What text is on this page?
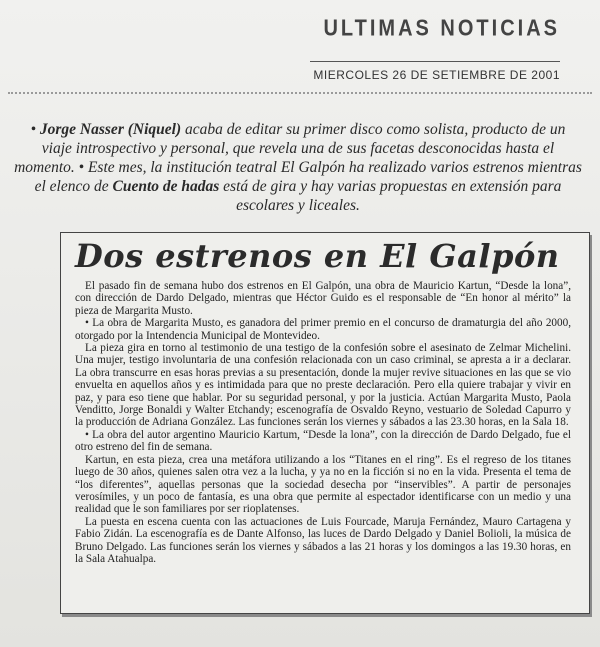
ULTIMAS NOTICIAS
MIERCOLES 26 DE SETIEMBRE DE 2001
• Jorge Nasser (Niquel) acaba de editar su primer disco como solista, producto de un viaje introspectivo y personal, que revela una de sus facetas desconocidas hasta el momento. • Este mes, la institución teatral El Galpón ha realizado varios estrenos mientras el elenco de Cuento de hadas está de gira y hay varias propuestas en extensión para escolares y liceales.
Dos estrenos en El Galpón

El pasado fin de semana hubo dos estrenos en El Galpón, una obra de Mauricio Kartun, “Desde la lona”, con dirección de Dardo Delgado, mientras que Héctor Guido es el responsable de “En honor al mérito” la pieza de Margarita Musto.

• La obra de Margarita Musto, es ganadora del primer premio en el concurso de dramaturgia del año 2000, otorgado por la Intendencia Municipal de Montevideo.

La pieza gira en torno al testimonio de una testigo de la confesión sobre el asesinato de Zelmar Michelini. Una mujer, testigo involuntaria de una confesión relacionada con un caso criminal, se apresta a ir a declarar. La obra transcurre en esas horas previas a su presentación, donde la mujer revive situaciones en las que se vio envuelta en aquellos años y es intimidada para que no preste declaración. Pero ella quiere trabajar y vivir en paz, y para eso tiene que hablar. Por su seguridad personal, y por la justicia. Actúan Margarita Musto, Paola Venditto, Jorge Bonaldi y Walter Etchandy; escenografía de Osvaldo Reyno, vestuario de Soledad Capurro y la producción de Adriana González. Las funciones serán los viernes y sábados a las 23.30 horas, en la Sala 18.

• La obra del autor argentino Mauricio Kartum, “Desde la lona”, con la dirección de Dardo Delgado, fue el otro estreno del fin de semana.

Kartun, en esta pieza, crea una metáfora utilizando a los “Titanes en el ring”. Es el regreso de los titanes luego de 30 años, quienes salen otra vez a la lucha, y ya no en la ficción si no en la vida. Presenta el tema de “los diferentes”, aquellas personas que la sociedad desecha por “inservibles”. A partir de personajes verosímiles, y un poco de fantasía, es una obra que permite al espectador identificarse con un medio y una realidad que le son familiares por ser rioplatenses.

La puesta en escena cuenta con las actuaciones de Luis Fourcade, Maruja Fernández, Mauro Cartagena y Fabio Zidán. La escenografía es de Dante Alfonso, las luces de Dardo Delgado y Daniel Bolioli, la música de Bruno Delgado. Las funciones serán los viernes y sábados a las 21 horas y los domingos a las 19.30 horas, en la Sala Atahualpa.
